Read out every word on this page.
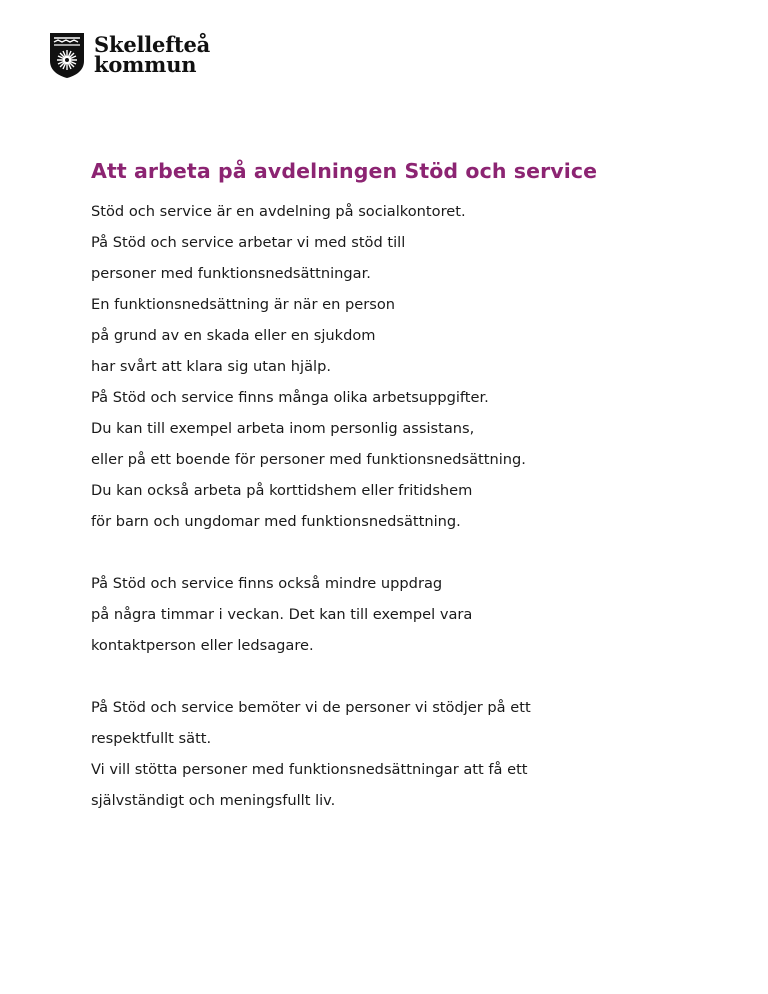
Skellefteå
kommun
Att arbeta på avdelningen Stöd och service
Stöd och service är en avdelning på socialkontoret.
På Stöd och service arbetar vi med stöd till
personer med funktionsnedsättningar.
En funktionsnedsättning är när en person
på grund av en skada eller en sjukdom
har svårt att klara sig utan hjälp.
På Stöd och service finns många olika arbetsuppgifter.
Du kan till exempel arbeta inom personlig assistans,
eller på ett boende för personer med funktionsnedsättning.
Du kan också arbeta på korttidshem eller fritidshem
för barn och ungdomar med funktionsnedsättning.
På Stöd och service finns också mindre uppdrag
på några timmar i veckan. Det kan till exempel vara
kontaktperson eller ledsagare.
På Stöd och service bemöter vi de personer vi stödjer på ett
respektfullt sätt.
Vi vill stötta personer med funktionsnedsättningar att få ett
självständigt och meningsfullt liv.
